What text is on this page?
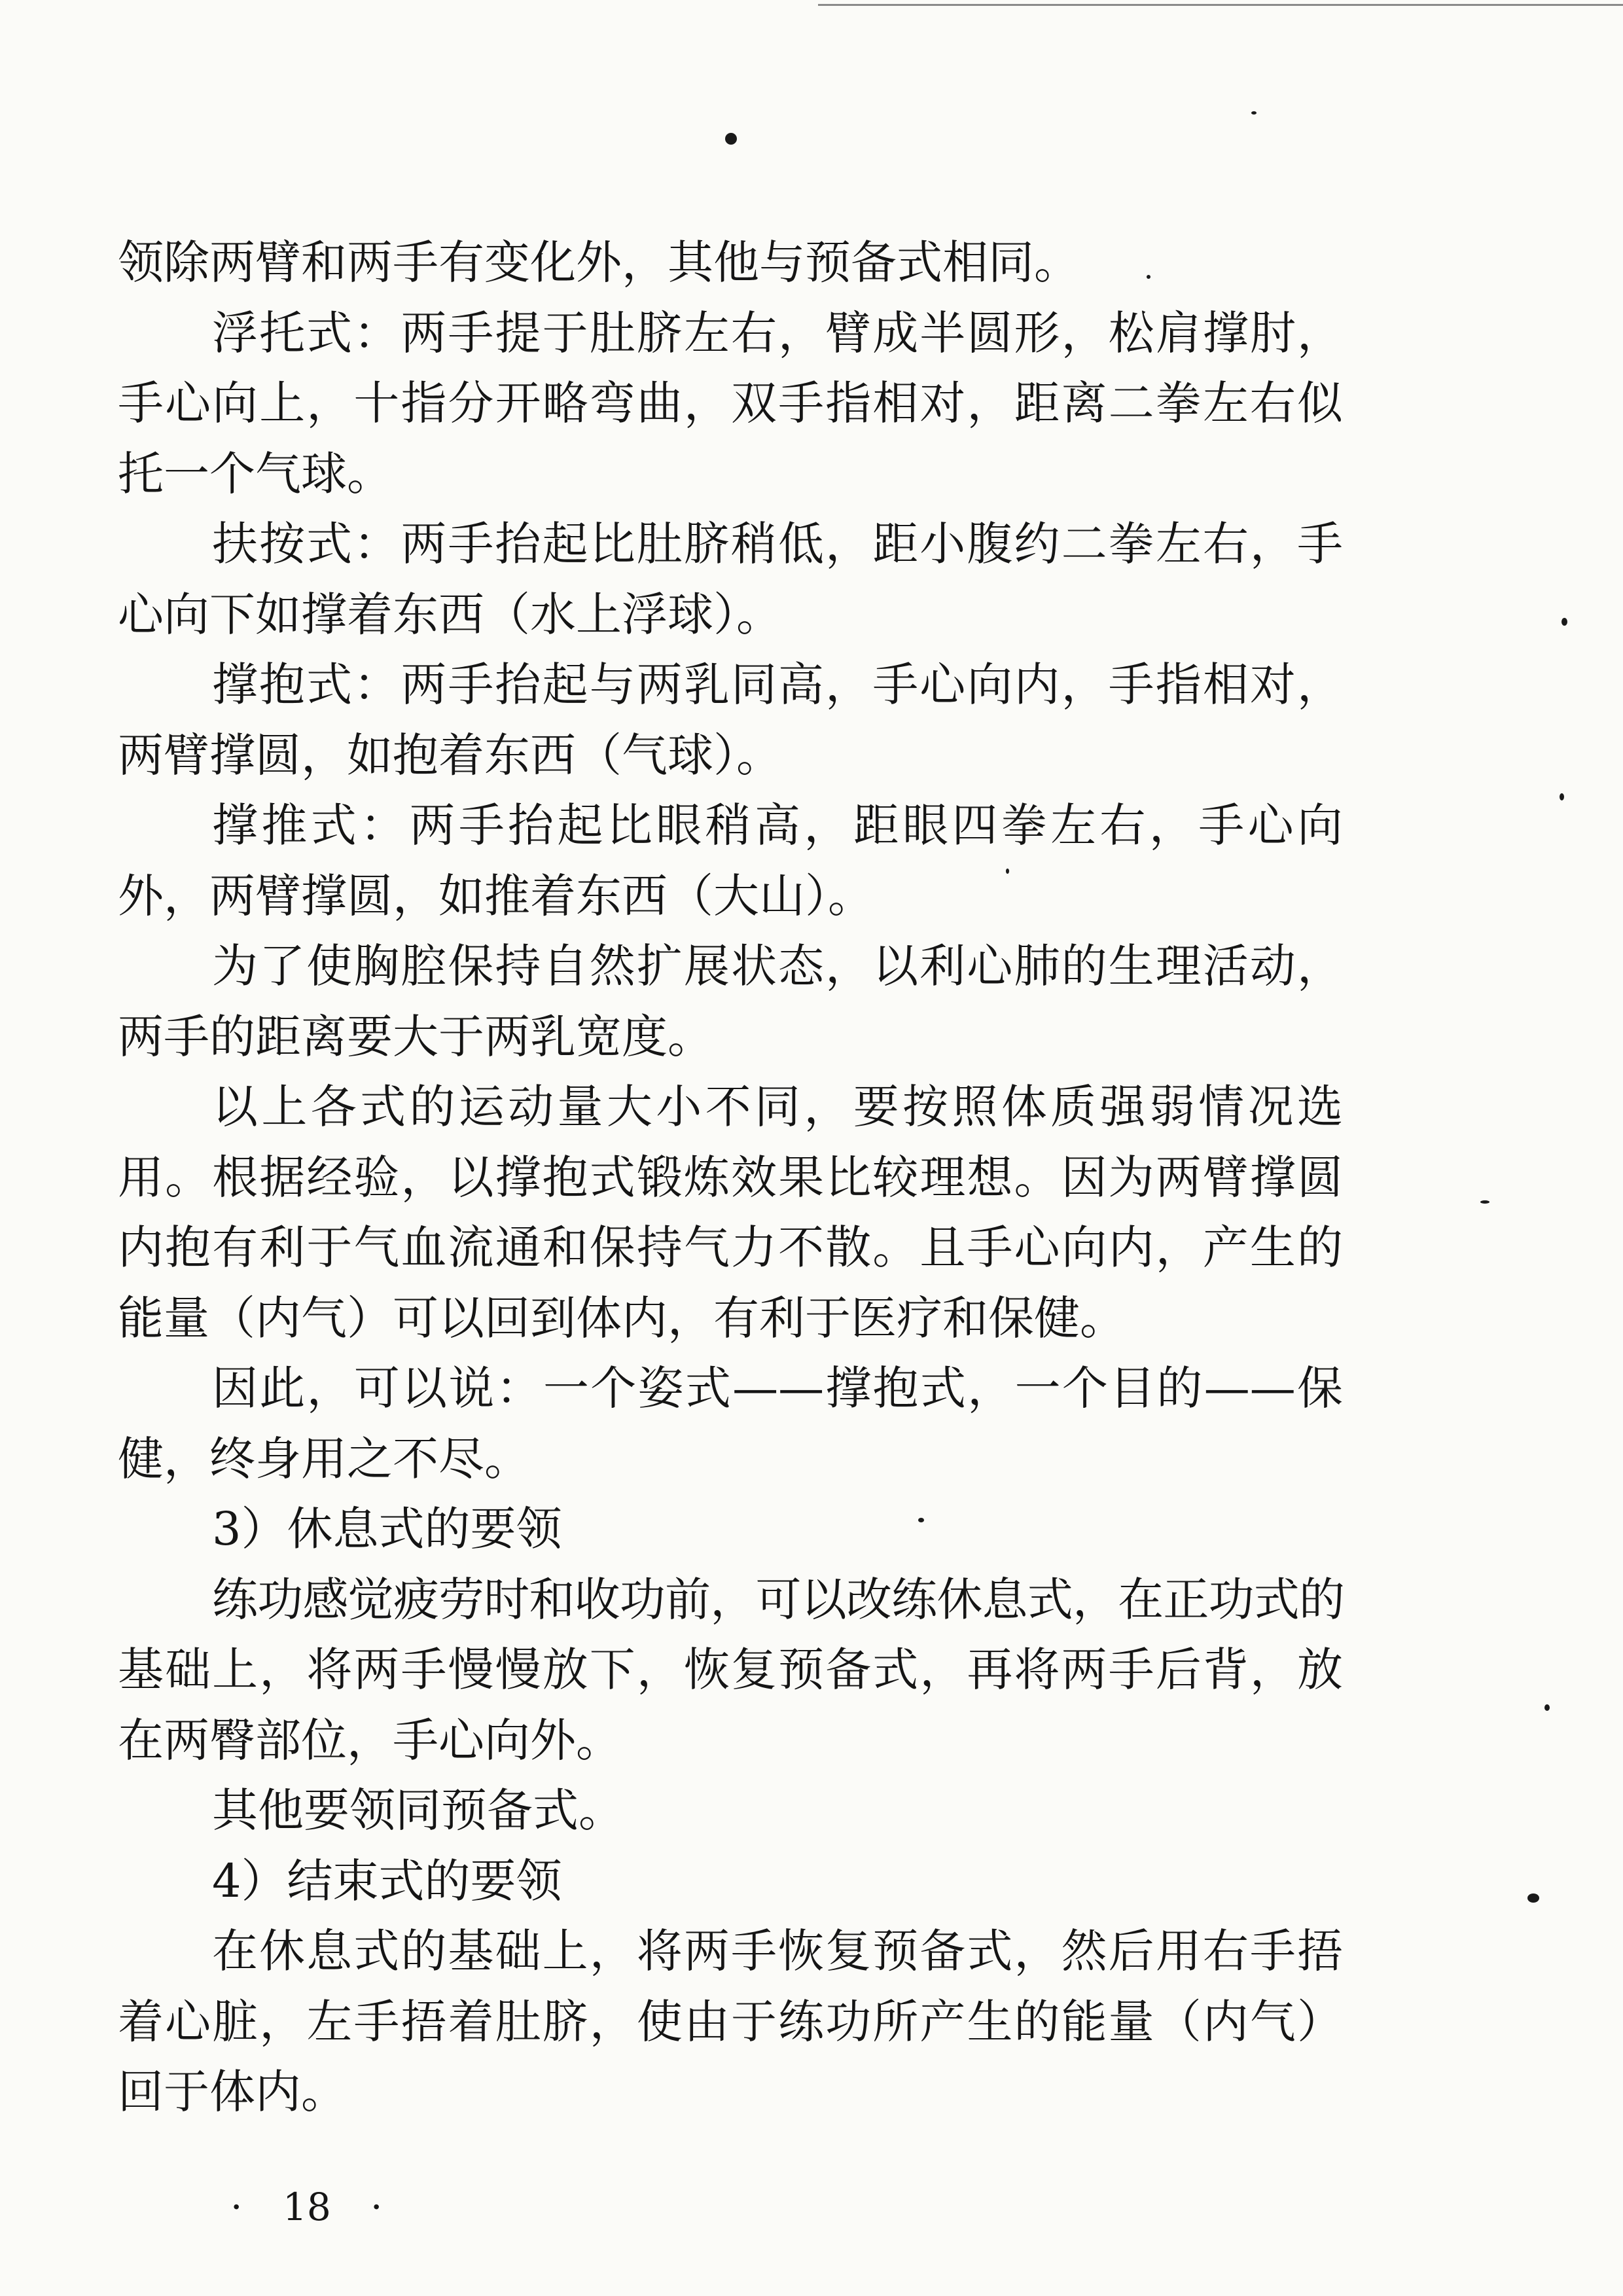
领除两臂和两手有变化外，其他与预备式相同。
浮托式：两手提于肚脐左右，臂成半圆形，松肩撑肘，
手心向上，十指分开略弯曲，双手指相对，距离二拳左右似
托一个气球。
扶按式：两手抬起比肚脐稍低，距小腹约二拳左右，手
心向下如撑着东西（水上浮球）。
撑抱式：两手抬起与两乳同高，手心向内，手指相对，
两臂撑圆，如抱着东西（气球）。
撑推式：两手抬起比眼稍高，距眼四拳左右，手心向
外，两臂撑圆，如推着东西（大山）。
为了使胸腔保持自然扩展状态，以利心肺的生理活动，
两手的距离要大于两乳宽度。
以上各式的运动量大小不同，要按照体质强弱情况选
用。根据经验，以撑抱式锻炼效果比较理想。因为两臂撑圆
内抱有利于气血流通和保持气力不散。且手心向内，产生的
能量（内气）可以回到体内，有利于医疗和保健。
因此，可以说：一个姿式——撑抱式，一个目的——保
健，终身用之不尽。
3）休息式的要领
练功感觉疲劳时和收功前，可以改练休息式，在正功式的
基础上，将两手慢慢放下，恢复预备式，再将两手后背，放
在两臀部位，手心向外。
其他要领同预备式。
4）结束式的要领
在休息式的基础上，将两手恢复预备式，然后用右手捂
着心脏，左手捂着肚脐，使由于练功所产生的能量（内气）
回于体内。
· 18 ·
